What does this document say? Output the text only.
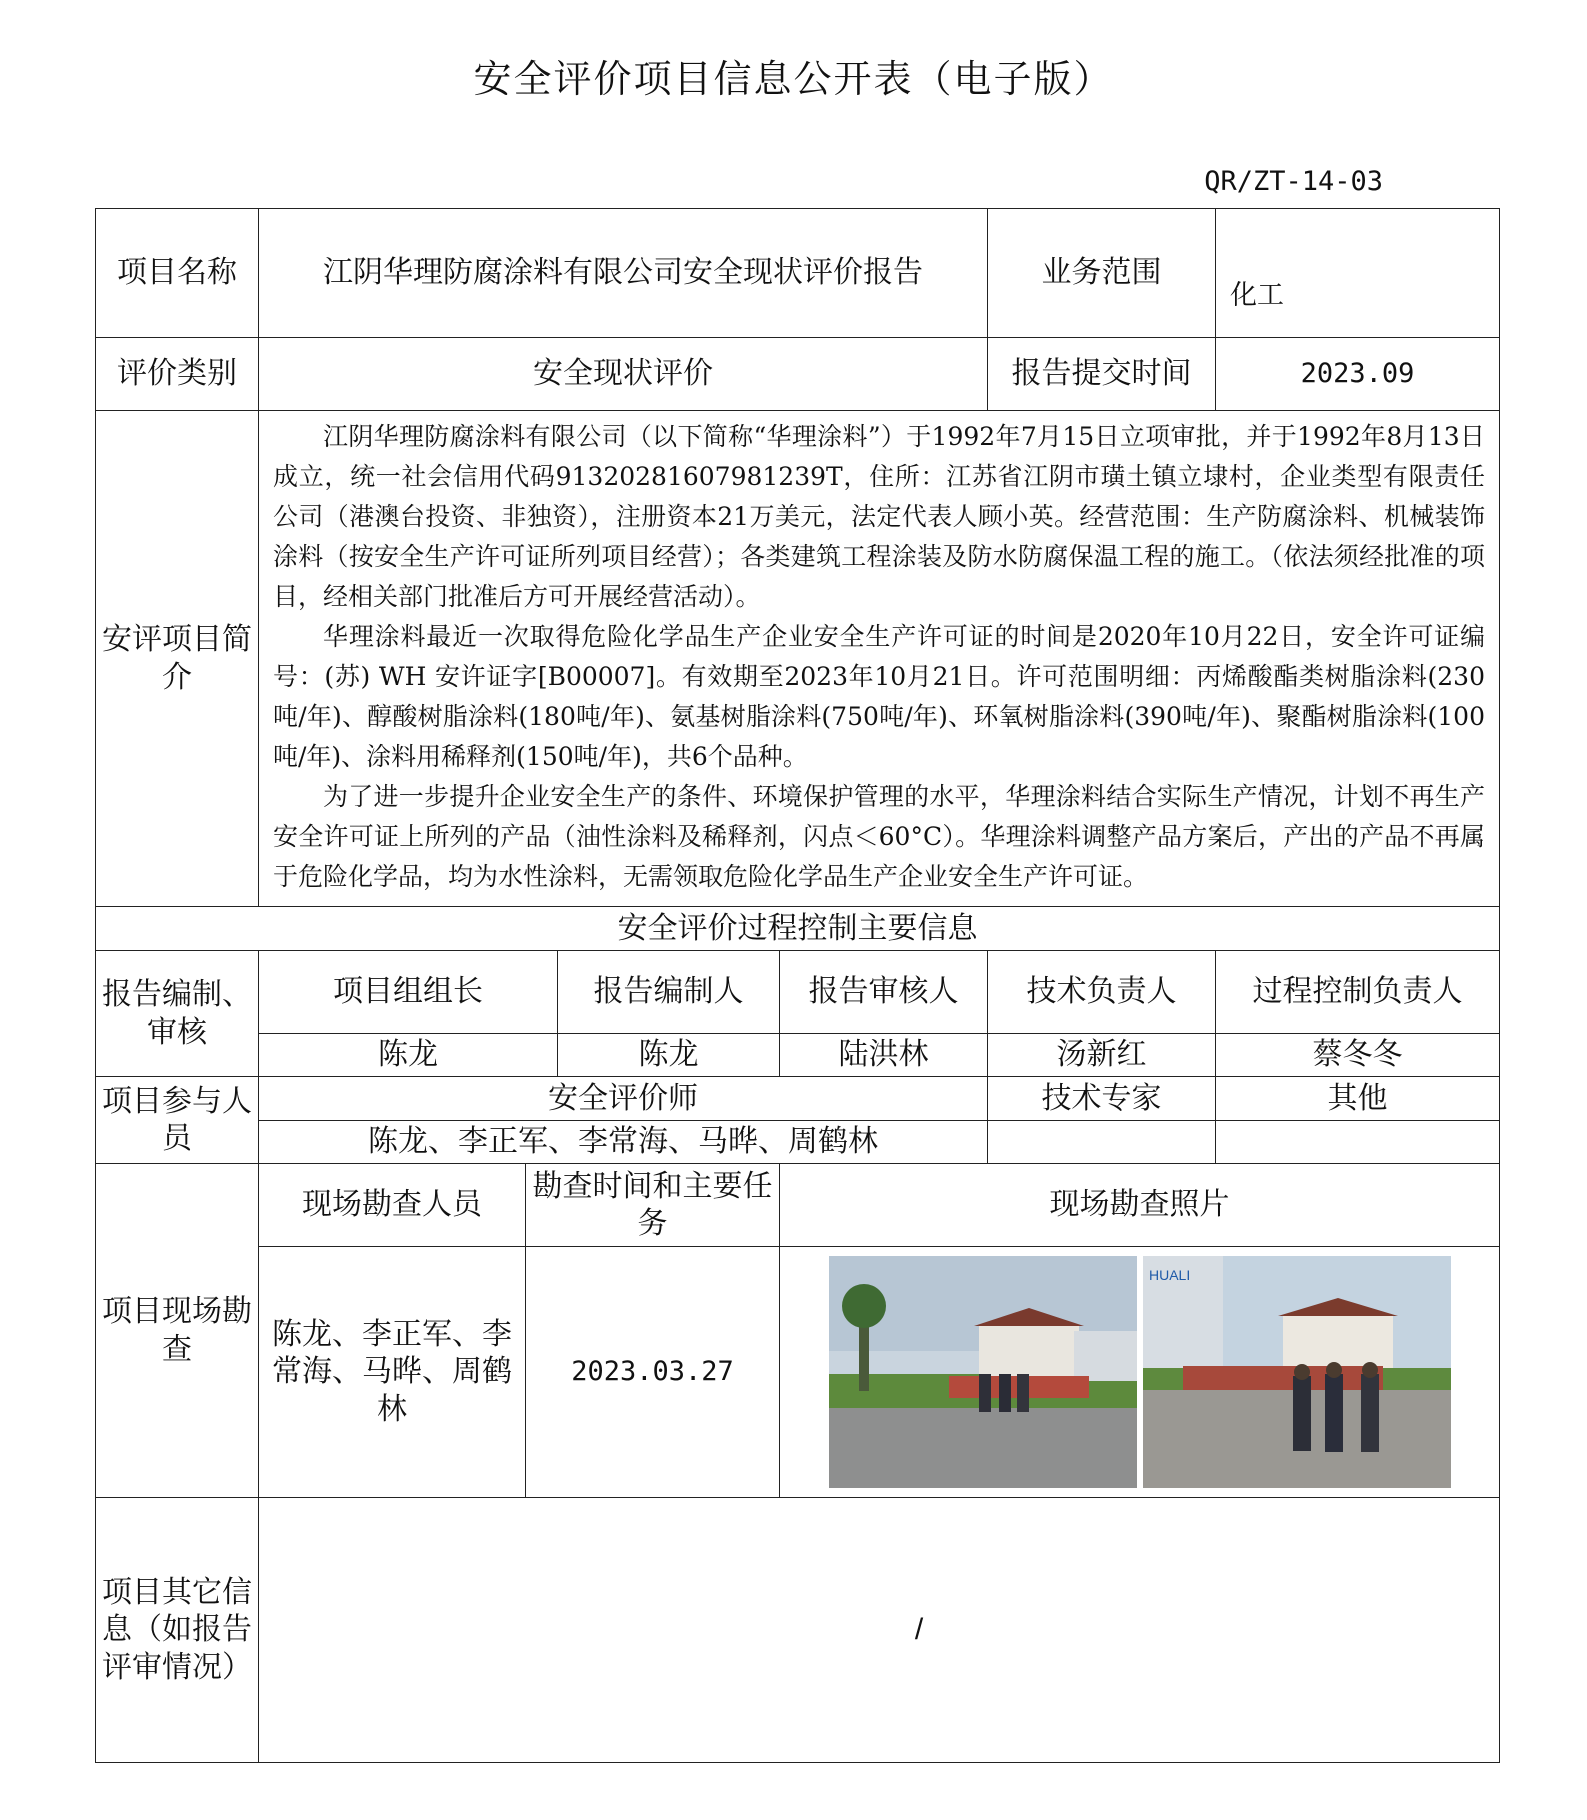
安全评价项目信息公开表（电子版）
QR/ZT-14-03
项目名称	江阴华理防腐涂料有限公司安全现状评价报告				业务范围	化工
评价类别	安全现状评价				报告提交时间	2023.09
安评项目简介	江阴华理防腐涂料有限公司（以下简称“华理涂料”）于1992年7月15日立项审批，并于1992年8月13日成立，统一社会信用代码91320281607981239T，住所：江苏省江阴市璜土镇立埭村，企业类型有限责任公司（港澳台投资、非独资），注册资本21万美元，法定代表人顾小英。经营范围：生产防腐涂料、机械装饰涂料（按安全生产许可证所列项目经营）；各类建筑工程涂装及防水防腐保温工程的施工。（依法须经批准的项目，经相关部门批准后方可开展经营活动）。

华理涂料最近一次取得危险化学品生产企业安全生产许可证的时间是2020年10月22日，安全许可证编号：(苏) WH 安许证字[B00007]。有效期至2023年10月21日。许可范围明细：丙烯酸酯类树脂涂料(230吨/年)、醇酸树脂涂料(180吨/年)、氨基树脂涂料(750吨/年)、环氧树脂涂料(390吨/年)、聚酯树脂涂料(100吨/年)、涂料用稀释剂(150吨/年)，共6个品种。

为了进一步提升企业安全生产的条件、环境保护管理的水平，华理涂料结合实际生产情况，计划不再生产安全许可证上所列的产品（油性涂料及稀释剂，闪点＜60°C）。华理涂料调整产品方案后，产出的产品不再属于危险化学品，均为水性涂料，无需领取危险化学品生产企业安全生产许可证。					

安全评价过程控制主要信息						
报告编制、审核	项目组组长		报告编制人	报告审核人	技术负责人	过程控制负责人
	陈龙		陈龙	陆洪林	汤新红	蔡冬冬
项目参与人员	安全评价师				技术专家	其他
	陈龙、李正军、李常海、马晔、周鹤林					
项目现场勘查	现场勘查人员	勘查时间和主要任务		现场勘查照片		
	陈龙、李正军、李常海、马晔、周鹤林	2023.03.27		HUALI		

项目其它信息（如报告评审情况）	/					
